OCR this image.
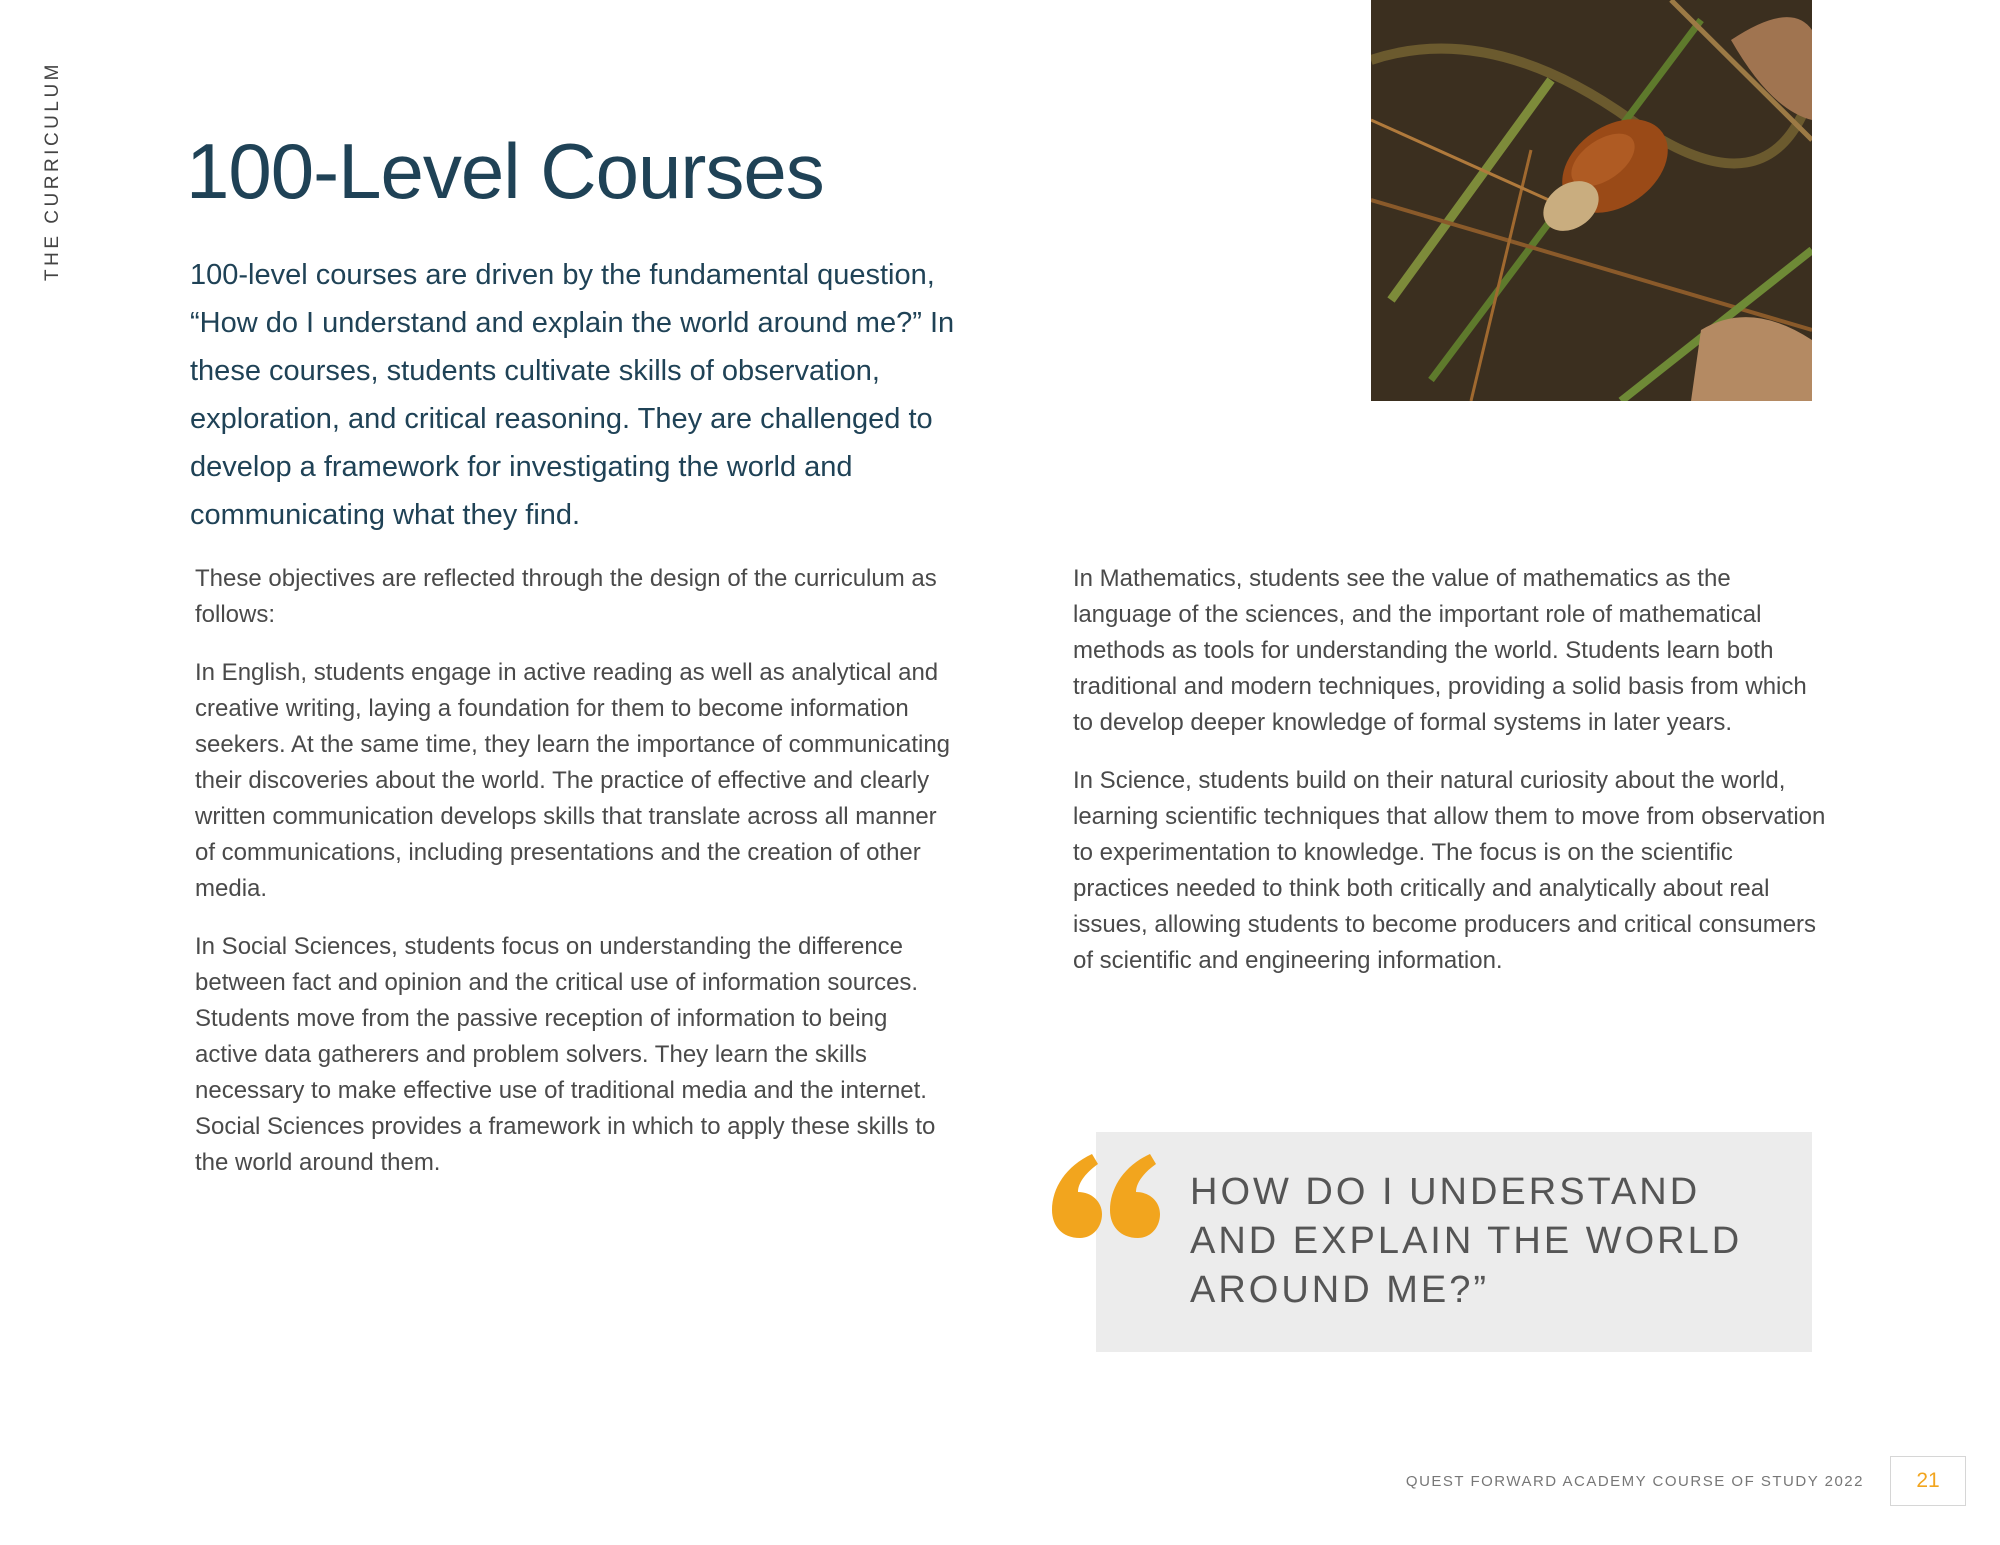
THE CURRICULUM 100-Level Courses

100-level courses are driven by the fundamental question, “How do I understand and explain the world around me?” In these courses, students cultivate skills of observation, exploration, and critical reasoning. They are challenged to develop a framework for investigating the world and communicating what they find.

These objectives are reflected through the design of the curriculum as follows:

In English, students engage in active reading as well as analytical and creative writing, laying a foundation for them to become information seekers. At the same time, they learn the importance of communicating their discoveries about the world. The practice of effective and clearly written communication develops skills that translate across all manner of communications, including presentations and the creation of other media.

In Social Sciences, students focus on understanding the difference between fact and opinion and the critical use of information sources. Students move from the passive reception of information to being active data gatherers and problem solvers. They learn the skills necessary to make effective use of traditional media and the internet. Social Sciences provides a framework in which to apply these skills to the world around them.

In Mathematics, students see the value of mathematics as the language of the sciences, and the important role of mathematical methods as tools for understanding the world. Students learn both traditional and modern techniques, providing a solid basis from which to develop deeper knowledge of formal systems in later years.

In Science, students build on their natural curiosity about the world, learning scientific techniques that allow them to move from observation to experimentation to knowledge. The focus is on the scientific practices needed to think both critically and analytically about real issues, allowing students to become producers and critical consumers of scientific and engineering information.

HOW DO I UNDERSTAND AND EXPLAIN THE WORLD AROUND ME?”
QUEST FORWARD ACADEMY COURSE OF STUDY 2022 21
